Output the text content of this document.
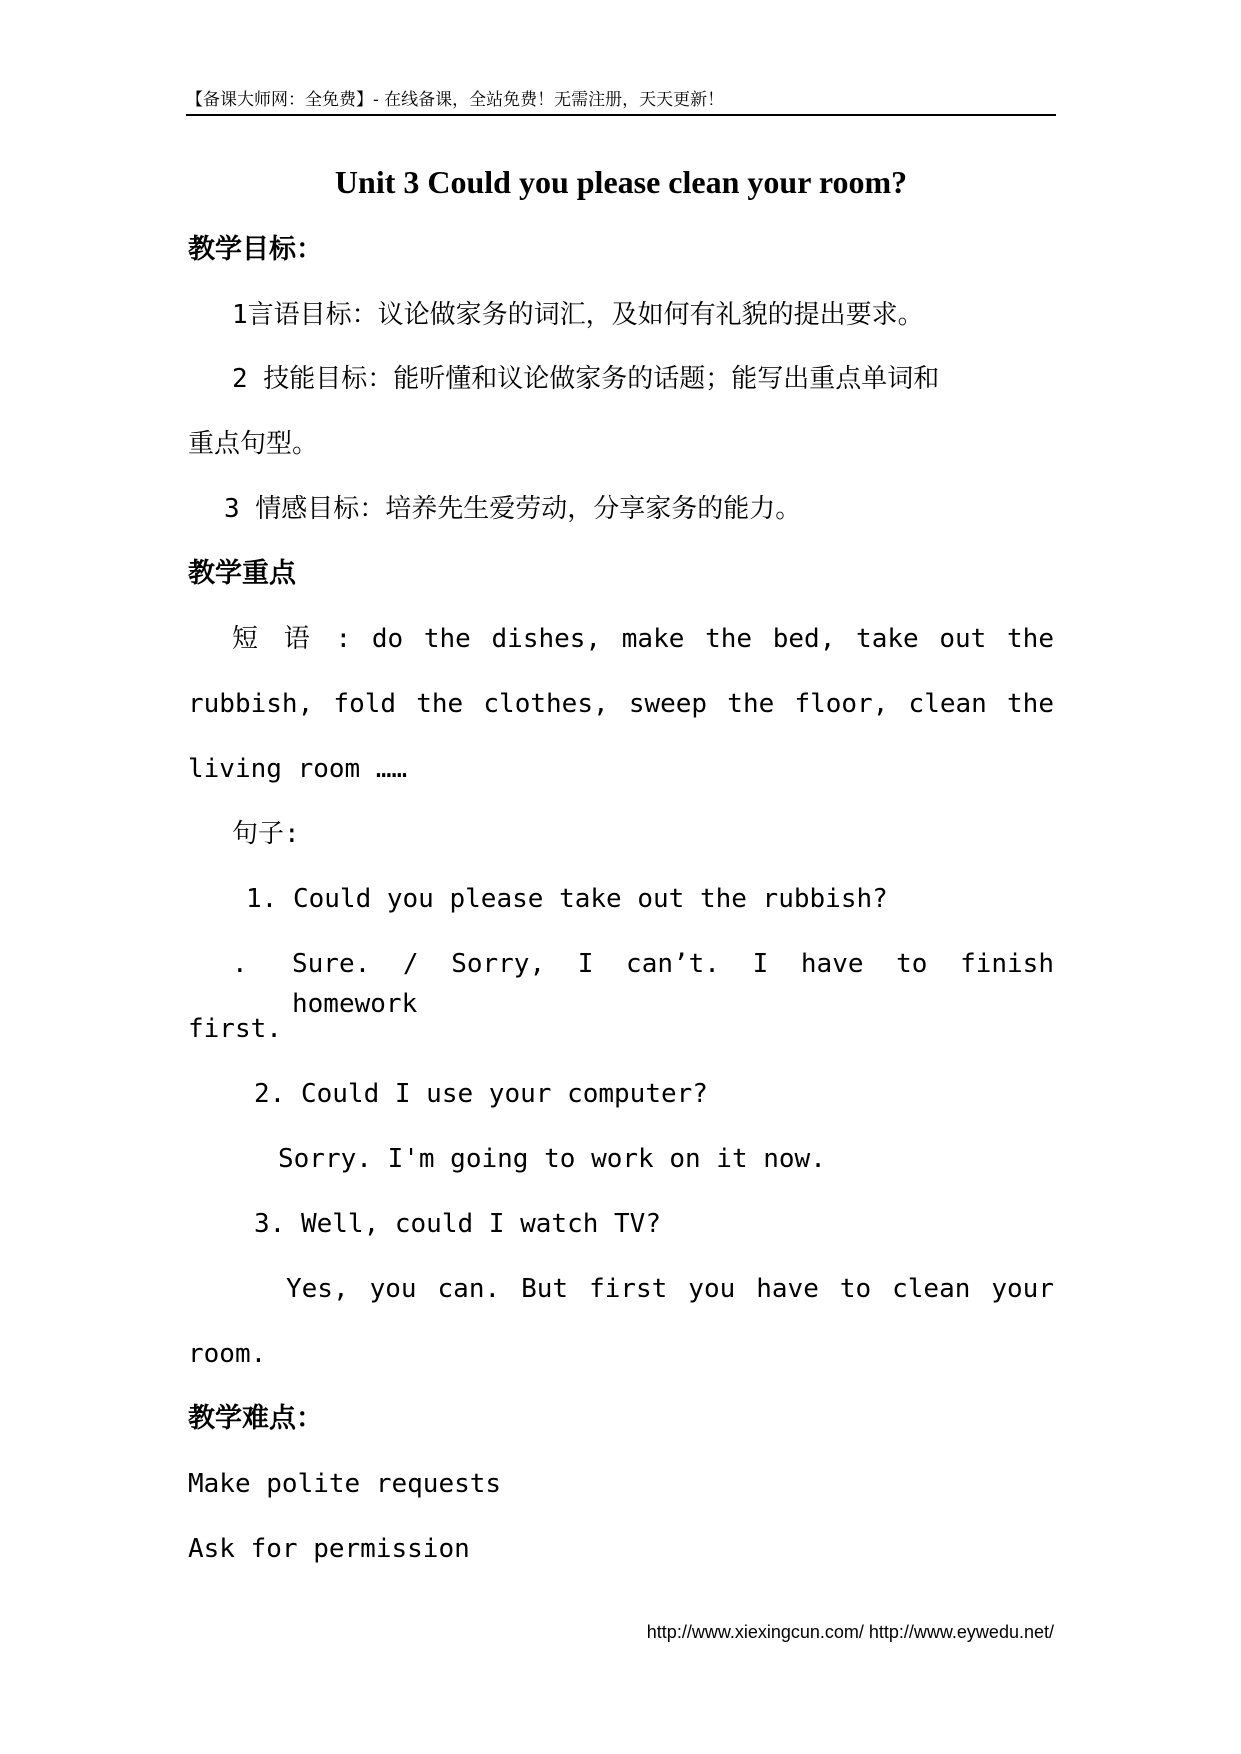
【备课大师网：全免费】- 在线备课，全站免费！无需注册，天天更新！
Unit 3 Could you please clean your room?
教学目标：
1言语目标：议论做家务的词汇，及如何有礼貌的提出要求。
2 技能目标：能听懂和议论做家务的话题；能写出重点单词和
重点句型。
3 情感目标：培养先生爱劳动，分享家务的能力。
教学重点
短 语 : do the dishes, make the bed, take out the
rubbish, fold the clothes, sweep the floor, clean the
living room ……
句子:
1. Could you please take out the rubbish?
. Sure. / Sorry, I can’t. I have to finish homework
first.
2. Could I use your computer?
Sorry. I'm going to work on it now.
3. Well, could I watch TV?
Yes, you can. But first you have to clean your
room.
教学难点：
Make polite requests
Ask for permission
http://www.xiexingcun.com/ http://www.eywedu.net/
